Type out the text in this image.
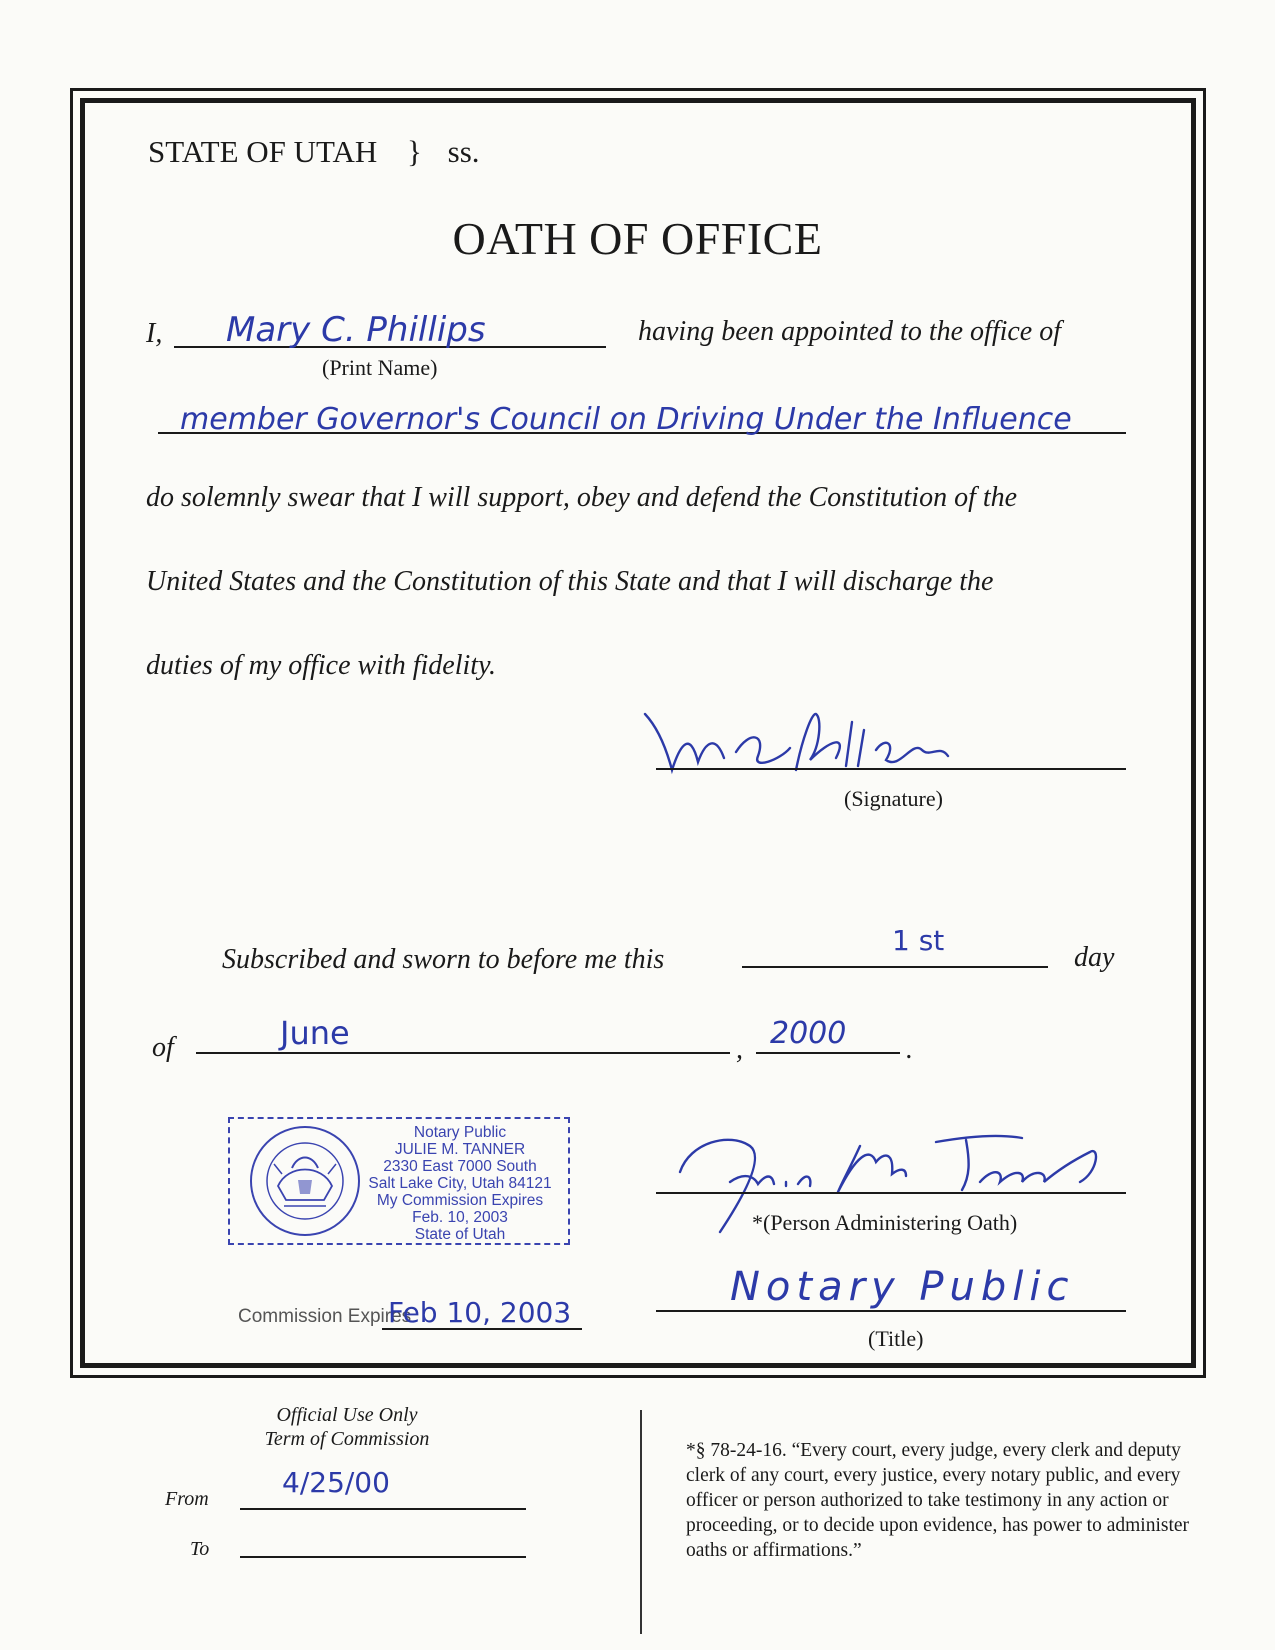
STATE OF UTAH } ss.
OATH OF OFFICE
I, Mary C. Phillips
(Print Name)
having been appointed to the office of
member Governor's Council on Driving Under the Influence
do solemnly swear that I will support, obey and defend the Constitution of the
United States and the Constitution of this State and that I will discharge the
duties of my office with fidelity.
(Signature)
Subscribed and sworn to before me this
1 st
day
of	June	, 2000 .
Notary Public
JULIE M. TANNER
2330 East 7000 South
Salt Lake City, Utah 84121
My Commission Expires
Feb. 10, 2003
State of Utah	*(Person Administering Oath)
Commission Expires
Feb 10, 2003
Notary Public
(Title)
Official Use Only
Term of Commission
From	4/25/00
To
*§ 78-24-16. “Every court, every judge, every clerk and deputy clerk of any court, every justice, every notary public, and every officer or person authorized to take testimony in any action or proceeding, or to decide upon evidence, has power to administer oaths or affirmations.”
